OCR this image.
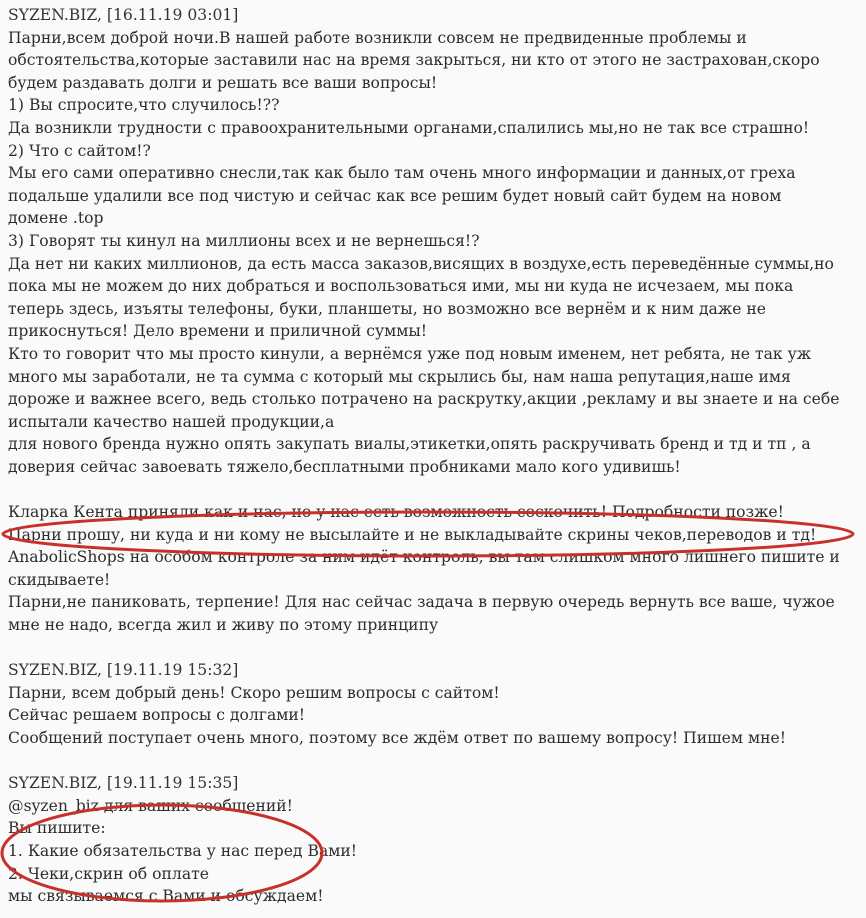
SYZEN.BIZ, [16.11.19 03:01]
Парни,всем доброй ночи.В нашей работе возникли совсем не предвиденные проблемы и
обстоятельства,которые заставили нас на время закрыться, ни кто от этого не застрахован,скоро
будем раздавать долги и решать все ваши вопросы!
1) Вы спросите,что случилось!??
Да возникли трудности с правоохранительными органами,спалились мы,но не так все страшно!
2) Что с сайтом!?
Мы его сами оперативно снесли,так как было там очень много информации и данных,от греха
подальше удалили все под чистую и сейчас как все решим будет новый сайт будем на новом
домене .top
3) Говорят ты кинул на миллионы всех и не вернешься!?
Да нет ни каких миллионов, да есть масса заказов,висящих в воздухе,есть переведённые суммы,но
пока мы не можем до них добраться и воспользоваться ими, мы ни куда не исчезаем, мы пока
теперь здесь, изъяты телефоны, буки, планшеты, но возможно все вернём и к ним даже не
прикоснуться! Дело времени и приличной суммы!
Кто то говорит что мы просто кинули, а вернёмся уже под новым именем, нет ребята, не так уж
много мы заработали, не та сумма с который мы скрылись бы, нам наша репутация,наше имя
дороже и важнее всего, ведь столько потрачено на раскрутку,акции ,рекламу и вы знаете и на себе
испытали качество нашей продукции,а
для нового бренда нужно опять закупать виалы,этикетки,опять раскручивать бренд и тд и тп , а
доверия сейчас завоевать тяжело,бесплатными пробниками мало кого удивишь!
Кларка Кента приняли как и нас, но у нас есть возможность соскочить! Подробности позже!
Парни прошу, ни куда и ни кому не высылайте и не выкладывайте скрины чеков,переводов и тд!
AnabolicShops на особом контроле за ним идёт контроль, вы там слишком много лишнего пишите и
скидываете!
Парни,не паниковать, терпение! Для нас сейчас задача в первую очередь вернуть все ваше, чужое
мне не надо, всегда жил и живу по этому принципу
SYZEN.BIZ, [19.11.19 15:32]
Парни, всем добрый день! Скоро решим вопросы с сайтом!
Сейчас решаем вопросы с долгами!
Сообщений поступает очень много, поэтому все ждём ответ по вашему вопросу! Пишем мне!
SYZEN.BIZ, [19.11.19 15:35]
@syzen_biz для ваших сообщений!
Вы пишите:
1. Какие обязательства у нас перед Вами!
2. Чеки,скрин об оплате
мы связываемся с Вами и обсуждаем!
